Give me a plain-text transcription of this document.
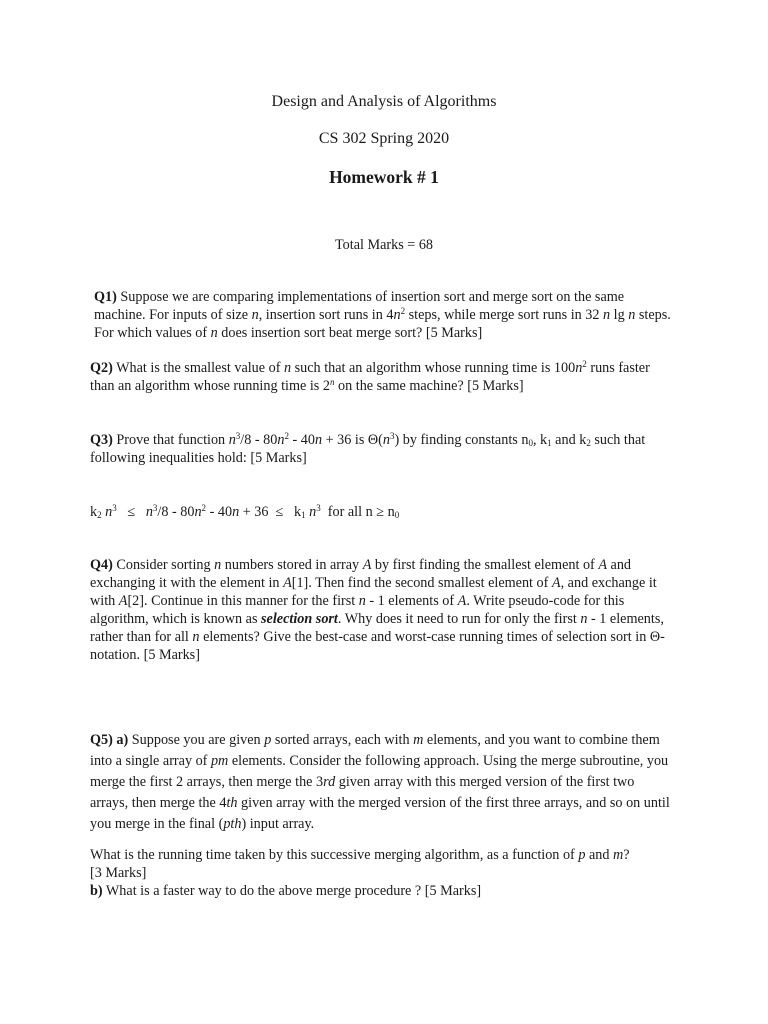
Design and Analysis of Algorithms
CS 302 Spring 2020
Homework # 1
Total Marks = 68

Q1) Suppose we are comparing implementations of insertion sort and merge sort on the same machine. For inputs of size n, insertion sort runs in $4n^2$ steps, while merge sort runs in 32 n lg n steps. For which values of n does insertion sort beat merge sort? [5 Marks]

Q2) What is the smallest value of n such that an algorithm whose running time is $100n^2$ runs faster than an algorithm whose running time is 2$^n$ on the same machine? [5 Marks]

Q3) Prove that function $n^3/8 - 80n^2 - 40n + 36$ is $\Theta(n^3)$ by finding constants $n_0$, $k_1$ and $k_2$ such that following inequalities hold: [5 Marks]

$k_2$ $n^3 \le n^3/8 - 80n^2 - 40n + 36 \le k_1$ $n^3$  for all $n \ge n_0$

Q4) Consider sorting n numbers stored in array A by first finding the smallest element of A and exchanging it with the element in A[1]. Then find the second smallest element of A, and exchange it with A[2]. Continue in this manner for the first n - 1 elements of A. Write pseudo-code for this algorithm, which is known as selection sort. Why does it need to run for only the first n - 1 elements, rather than for all n elements? Give the best-case and worst-case running times of selection sort in Θ-notation. [5 Marks]

Q5) a) Suppose you are given p sorted arrays, each with m elements, and you want to combine them into a single array of pm elements. Consider the following approach. Using the merge subroutine, you merge the first 2 arrays, then merge the 3rd given array with this merged version of the first two arrays, then merge the 4th given array with the merged version of the first three arrays, and so on until you merge in the final (pth) input array.

What is the running time taken by this successive merging algorithm, as a function of p and m?

[3 Marks]

b) What is a faster way to do the above merge procedure ? [5 Marks]
